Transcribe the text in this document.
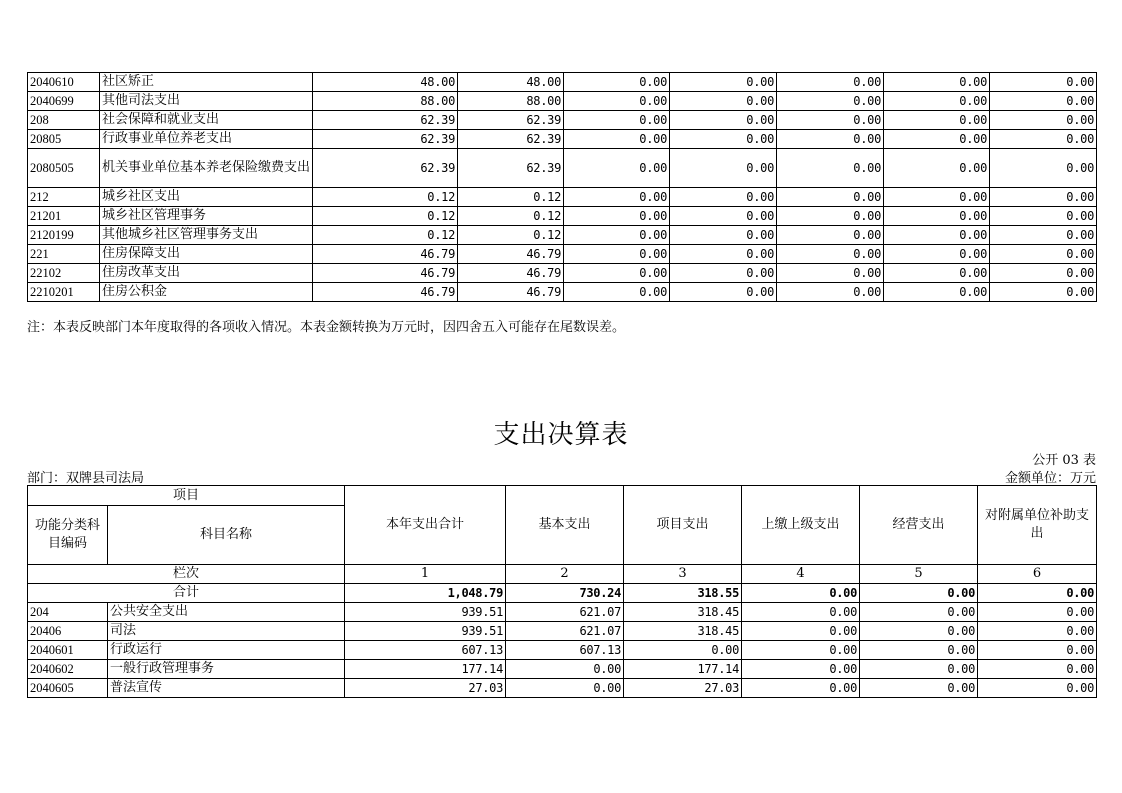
2040610	社区矫正	48.00	48.00	0.00	0.00	0.00	0.00	0.00
2040699	其他司法支出	88.00	88.00	0.00	0.00	0.00	0.00	0.00
208	社会保障和就业支出	62.39	62.39	0.00	0.00	0.00	0.00	0.00
20805	行政事业单位养老支出	62.39	62.39	0.00	0.00	0.00	0.00	0.00
2080505	机关事业单位基本养老保险缴费支出	62.39	62.39	0.00	0.00	0.00	0.00	0.00
212	城乡社区支出	0.12	0.12	0.00	0.00	0.00	0.00	0.00
21201	城乡社区管理事务	0.12	0.12	0.00	0.00	0.00	0.00	0.00
2120199	其他城乡社区管理事务支出	0.12	0.12	0.00	0.00	0.00	0.00	0.00
221	住房保障支出	46.79	46.79	0.00	0.00	0.00	0.00	0.00
22102	住房改革支出	46.79	46.79	0.00	0.00	0.00	0.00	0.00
2210201	住房公积金	46.79	46.79	0.00	0.00	0.00	0.00	0.00
注：本表反映部门本年度取得的各项收入情况。本表金额转换为万元时，因四舍五入可能存在尾数误差。
支出决算表
公开 03 表
部门：双牌县司法局	金额单位：万元
项目		本年支出合计	基本支出	项目支出	上缴上级支出	经营支出	对附属单位补助支出
功能分类科目编码	科目名称						
栏次		1	2	3	4	5	6
合计		1,048.79	730.24	318.55	0.00	0.00	0.00
204	公共安全支出	939.51	621.07	318.45	0.00	0.00	0.00
20406	司法	939.51	621.07	318.45	0.00	0.00	0.00
2040601	行政运行	607.13	607.13	0.00	0.00	0.00	0.00
2040602	一般行政管理事务	177.14	0.00	177.14	0.00	0.00	0.00
2040605	普法宣传	27.03	0.00	27.03	0.00	0.00	0.00
